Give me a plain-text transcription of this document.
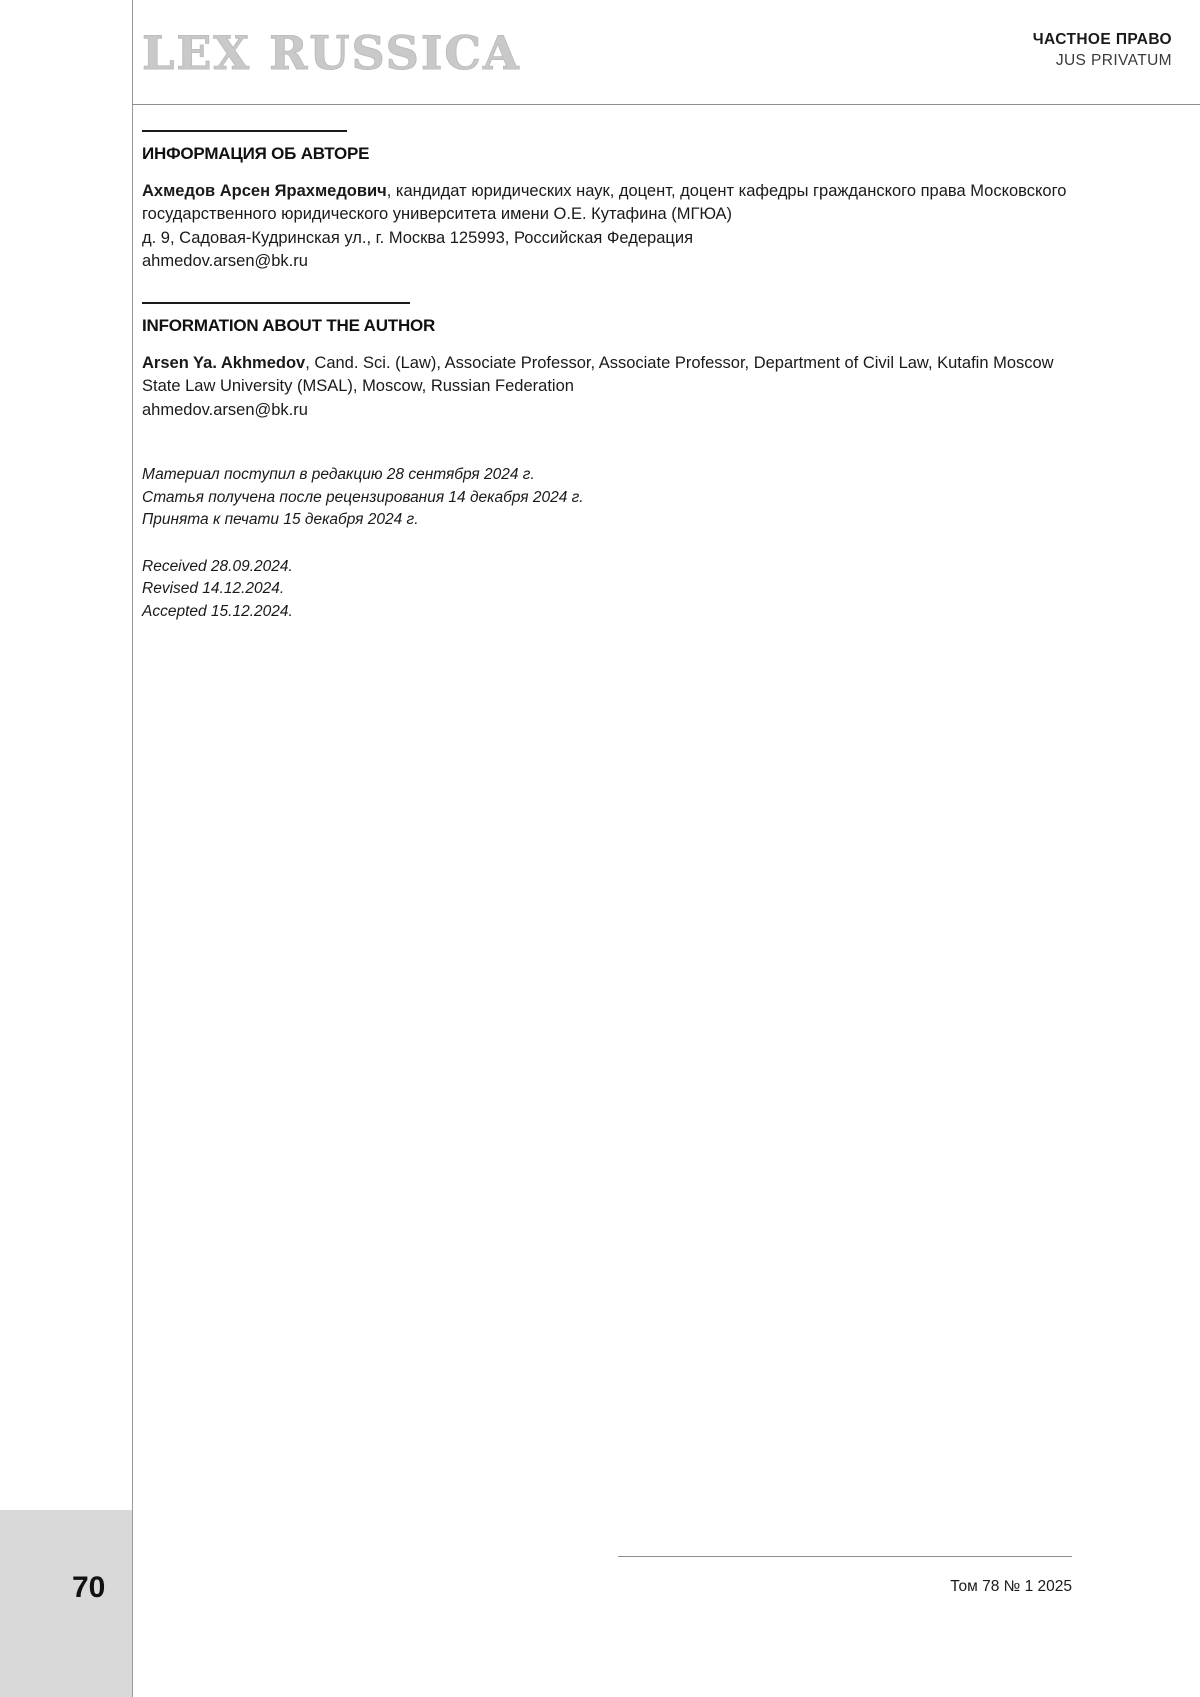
LEX RUSSICA	ЧАСТНОЕ ПРАВО
JUS PRIVATUM
ИНФОРМАЦИЯ ОБ АВТОРЕ

Ахмедов Арсен Ярахмедович, кандидат юридических наук, доцент, доцент кафедры гражданского права Московского государственного юридического университета имени О.Е. Кутафина (МГЮА)

д. 9, Садовая-Кудринская ул., г. Москва 125993, Российская Федерация

ahmedov.arsen@bk.ru

INFORMATION ABOUT THE AUTHOR

Arsen Ya. Akhmedov, Cand. Sci. (Law), Associate Professor, Associate Professor, Department of Civil Law, Kutafin Moscow State Law University (MSAL), Moscow, Russian Federation

ahmedov.arsen@bk.ru

Материал поступил в редакцию 28 сентября 2024 г.
Статья получена после рецензирования 14 декабря 2024 г.
Принята к печати 15 декабря 2024 г.
Received 28.09.2024.
Revised 14.12.2024.
Accepted 15.12.2024.
70	Том 78 № 1 2025
